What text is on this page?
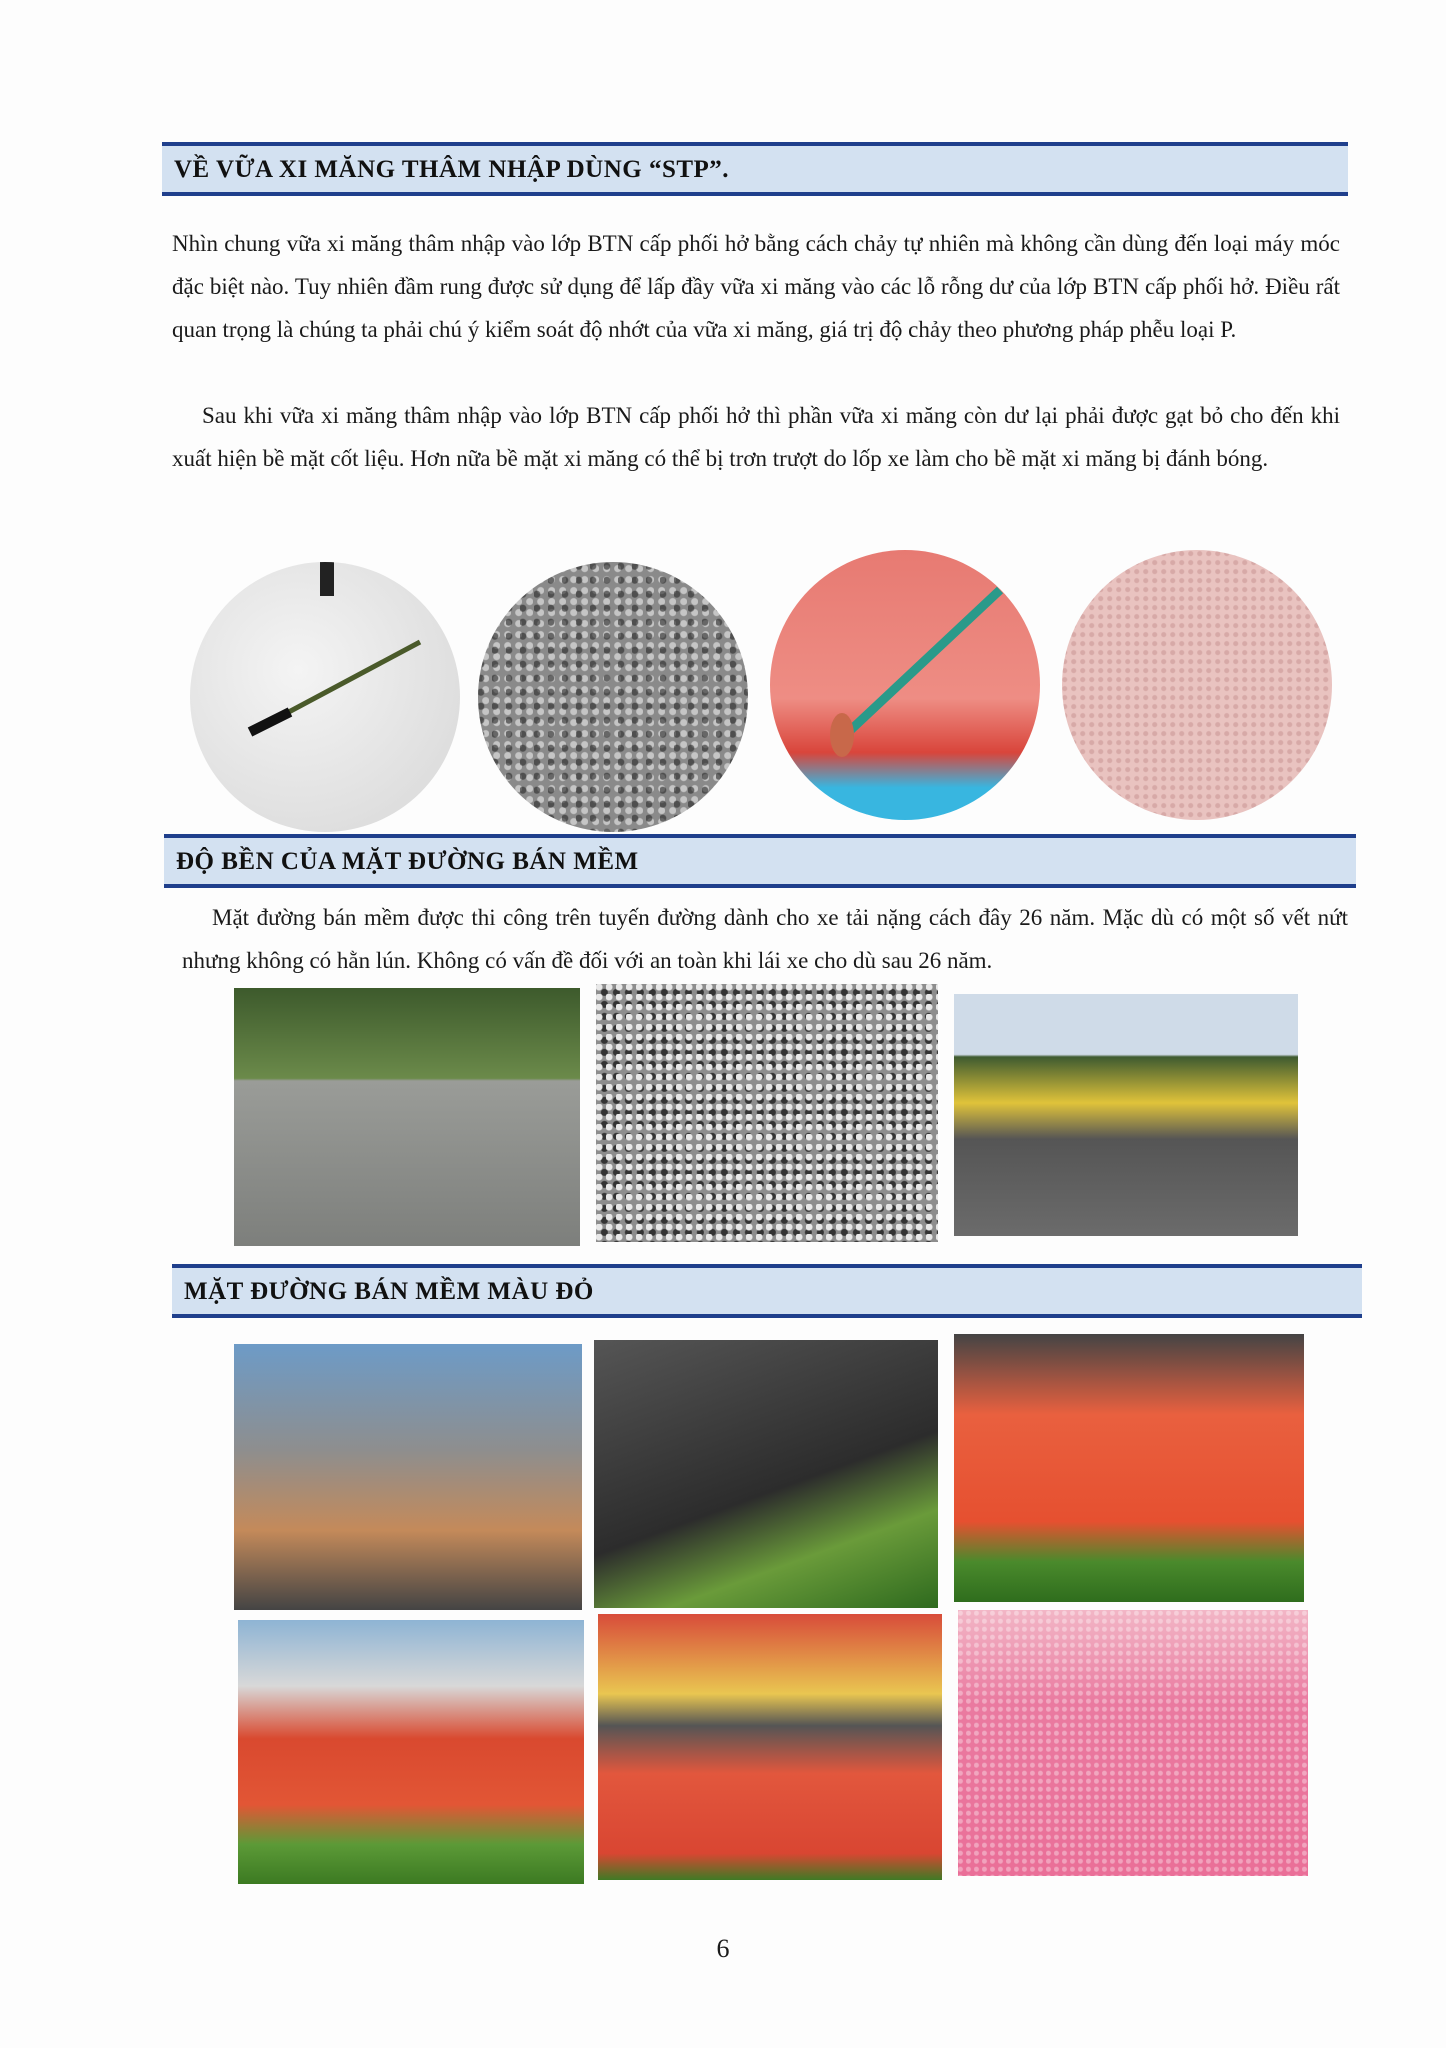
VỀ VỮA XI MĂNG THÂM NHẬP DÙNG “STP”.

Nhìn chung vữa xi măng thâm nhập vào lớp BTN cấp phối hở bằng cách chảy tự nhiên mà không cần dùng đến loại máy móc đặc biệt nào. Tuy nhiên đầm rung được sử dụng để lấp đầy vữa xi măng vào các lỗ rỗng dư của lớp BTN cấp phối hở. Điều rất quan trọng là chúng ta phải chú ý kiểm soát độ nhớt của vữa xi măng, giá trị độ chảy theo phương pháp phễu loại P.

Sau khi vữa xi măng thâm nhập vào lớp BTN cấp phối hở thì phần vữa xi măng còn dư lại phải được gạt bỏ cho đến khi xuất hiện bề mặt cốt liệu. Hơn nữa bề mặt xi măng có thể bị trơn trượt do lốp xe làm cho bề mặt xi măng bị đánh bóng.

ĐỘ BỀN CỦA MẶT ĐƯỜNG BÁN MỀM

Mặt đường bán mềm được thi công trên tuyến đường dành cho xe tải nặng cách đây 26 năm. Mặc dù có một số vết nứt nhưng không có hằn lún. Không có vấn đề đối với an toàn khi lái xe cho dù sau 26 năm.

MẶT ĐƯỜNG BÁN MỀM MÀU ĐỎ
6
